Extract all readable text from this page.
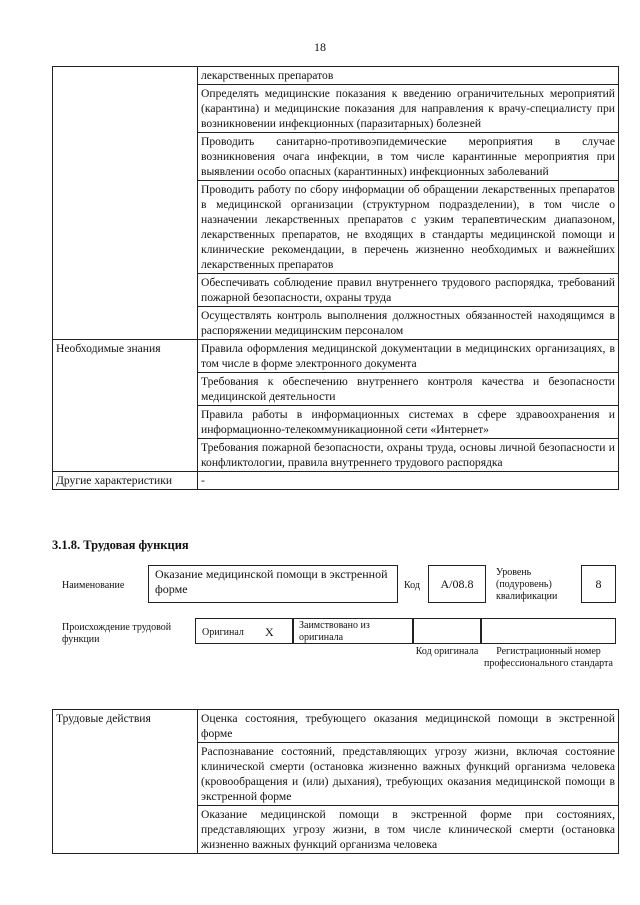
18
	лекарственных препаратов
	Определять медицинские показания к введению ограничительных мероприятий (карантина) и медицинские показания для направления к врачу-специалисту при возникновении инфекционных (паразитарных) болезней
	Проводить санитарно-противоэпидемические мероприятия в случае возникновения очага инфекции, в том числе карантинные мероприятия при выявлении особо опасных (карантинных) инфекционных заболеваний
	Проводить работу по сбору информации об обращении лекарственных препаратов в медицинской организации (структурном подразделении), в том числе о назначении лекарственных препаратов с узким терапевтическим диапазоном, лекарственных препаратов, не входящих в стандарты медицинской помощи и клинические рекомендации, в перечень жизненно необходимых и важнейших лекарственных препаратов
	Обеспечивать соблюдение правил внутреннего трудового распорядка, требований пожарной безопасности, охраны труда
	Осуществлять контроль выполнения должностных обязанностей находящимся в распоряжении медицинским персоналом
Необходимые знания	Правила оформления медицинской документации в медицинских организациях, в том числе в форме электронного документа
	Требования к обеспечению внутреннего контроля качества и безопасности медицинской деятельности
	Правила работы в информационных системах в сфере здравоохранения и информационно-телекоммуникационной сети «Интернет»
	Требования пожарной безопасности, охраны труда, основы личной безопасности и конфликтологии, правила внутреннего трудового распорядка
Другие характеристики	-
3.1.8. Трудовая функция
Наименование
Оказание медицинской помощи в экстренной форме	Код	A/08.8
Уровень (подуровень) квалификации
8
Происхождение трудовой функции
Оригинал X	Заимствовано из оригинала
Код оригинала	Регистрационный номер профессионального стандарта
Трудовые действия	Оценка состояния, требующего оказания медицинской помощи в экстренной форме
Распознавание состояний, представляющих угрозу жизни, включая состояние клинической смерти (остановка жизненно важных функций организма человека (кровообращения и (или) дыхания), требующих оказания медицинской помощи в экстренной форме
Оказание медицинской помощи в экстренной форме при состояниях, представляющих угрозу жизни, в том числе клинической смерти (остановка жизненно важных функций организма человека
